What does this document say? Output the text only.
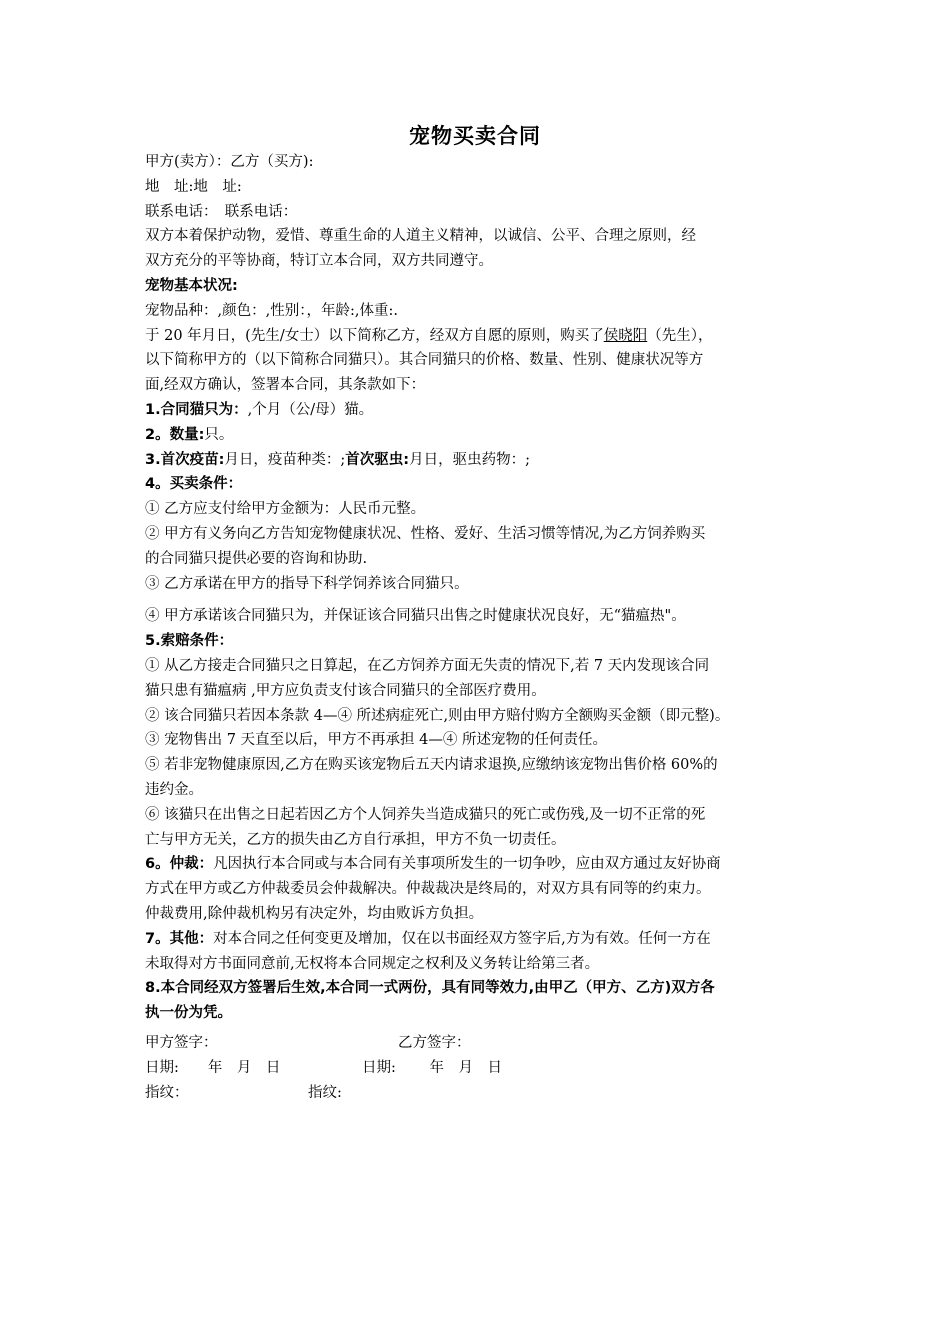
宠物买卖合同
甲方(卖方）：乙方（买方):
地　址:地　址:
联系电话：　联系电话：
双方本着保护动物，爱惜、尊重生命的人道主义精神，以诚信、公平、合理之原则，经
双方充分的平等协商，特订立本合同，双方共同遵守。
宠物基本状况:
宠物品种：,颜色：,性别：，年龄:,体重:.
于 20 年月日，(先生/女士）以下简称乙方，经双方自愿的原则，购买了侯晓阳（先生），
以下简称甲方的（以下简称合同猫只）。其合同猫只的价格、数量、性别、健康状况等方
面,经双方确认，签署本合同，其条款如下：
1.合同猫只为：,个月（公/母）猫。
2。数量:只。
3.首次疫苗:月日，疫苗种类：;首次驱虫:月日，驱虫药物：;
4。买卖条件：
① 乙方应支付给甲方金额为：人民币元整。
② 甲方有义务向乙方告知宠物健康状况、性格、爱好、生活习惯等情况,为乙方饲养购买
的合同猫只提供必要的咨询和协助.
③ 乙方承诺在甲方的指导下科学饲养该合同猫只。
④ 甲方承诺该合同猫只为，并保证该合同猫只出售之时健康状况良好，无“猫瘟热"。
5.索赔条件：
① 从乙方接走合同猫只之日算起，在乙方饲养方面无失责的情况下,若 7 天内发现该合同
猫只患有猫瘟病 ,甲方应负责支付该合同猫只的全部医疗费用。
② 该合同猫只若因本条款 4—④ 所述病症死亡,则由甲方赔付购方全额购买金额（即元整)。
③ 宠物售出 7 天直至以后，甲方不再承担 4—④ 所述宠物的任何责任。
⑤ 若非宠物健康原因,乙方在购买该宠物后五天内请求退换,应缴纳该宠物出售价格 60%的
违约金。
⑥ 该猫只在出售之日起若因乙方个人饲养失当造成猫只的死亡或伤残,及一切不正常的死
亡与甲方无关，乙方的损失由乙方自行承担，甲方不负一切责任。
6。仲裁：凡因执行本合同或与本合同有关事项所发生的一切争吵，应由双方通过友好协商
方式在甲方或乙方仲裁委员会仲裁解决。仲裁裁决是终局的，对双方具有同等的约束力。
仲裁费用,除仲裁机构另有决定外，均由败诉方负担。
7。其他：对本合同之任何变更及增加，仅在以书面经双方签字后,方为有效。任何一方在
未取得对方书面同意前,无权将本合同规定之权利及义务转让给第三者。
8.本合同经双方签署后生效,本合同一式两份，具有同等效力,由甲乙（甲方、乙方)双方各
执一份为凭。
甲方签字：	乙方签字：
日期:　　年　月　日	日期:　　 年　月　日
指纹：	指纹:
